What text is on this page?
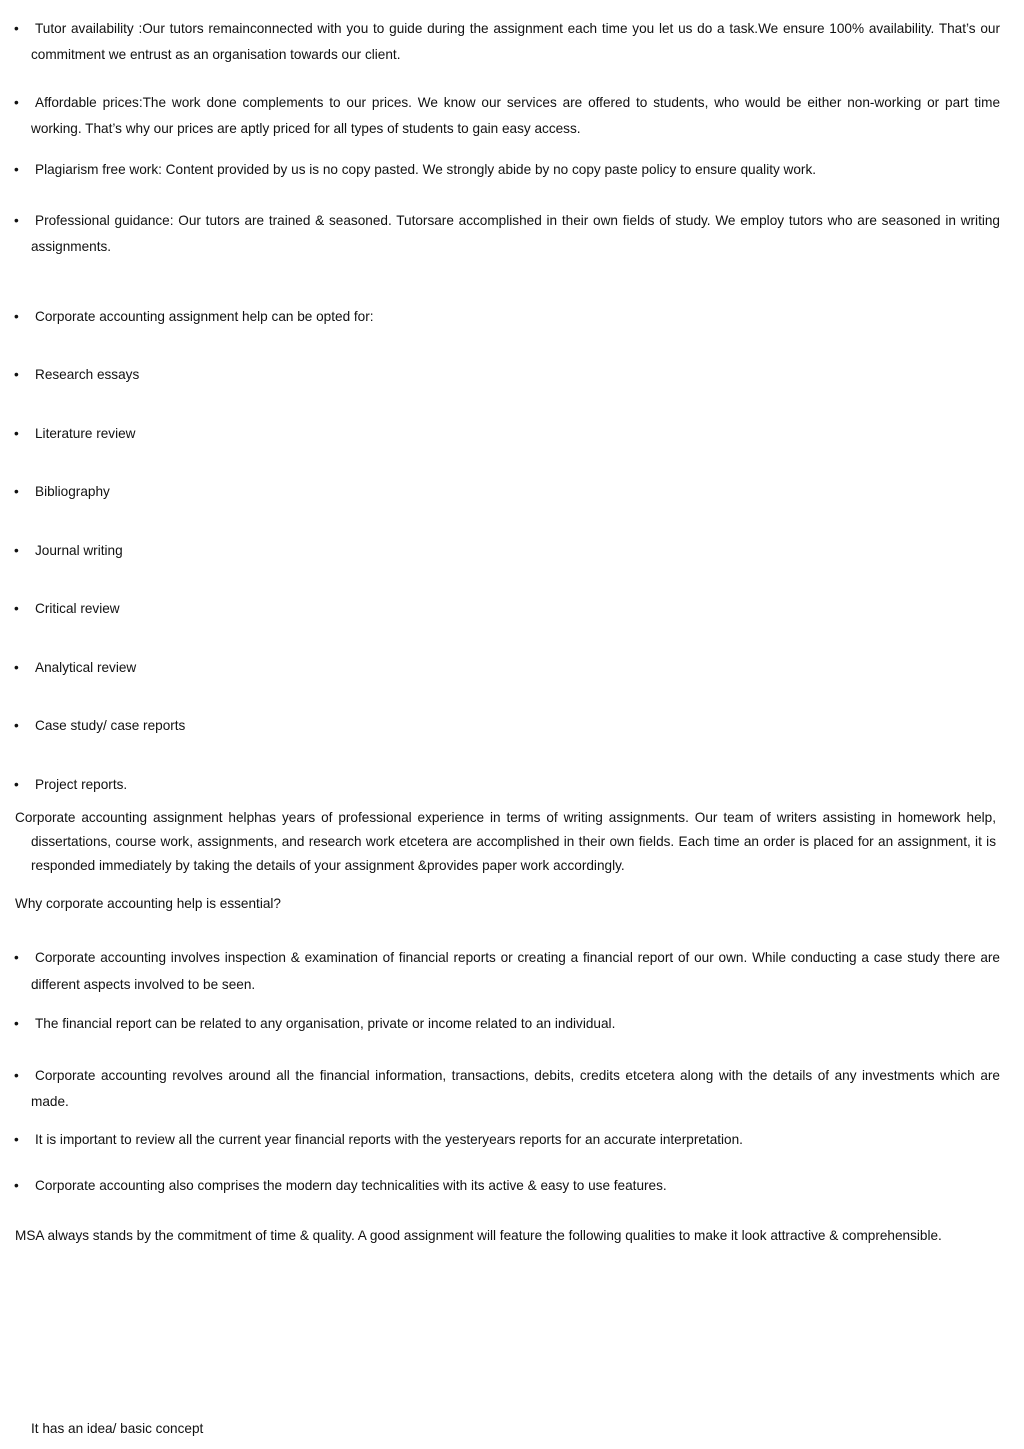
• Tutor availability :Our tutors remainconnected with you to guide during the assignment each time you let us do a task.We ensure 100% availability. That’s our commitment we entrust as an organisation towards our client.
• Affordable prices:The work done complements to our prices. We know our services are offered to students, who would be either non-working or part time working. That’s why our prices are aptly priced for all types of students to gain easy access.
• Plagiarism free work: Content provided by us is no copy pasted. We strongly abide by no copy paste policy to ensure quality work.
• Professional guidance: Our tutors are trained & seasoned. Tutorsare accomplished in their own fields of study. We employ tutors who are seasoned in writing assignments.
• Corporate accounting assignment help can be opted for:
• Research essays
• Literature review
• Bibliography
• Journal writing
• Critical review
• Analytical review
• Case study/ case reports
• Project reports.
Corporate accounting assignment helphas years of professional experience in terms of writing assignments. Our team of writers assisting in homework help, dissertations, course work, assignments, and research work etcetera are accomplished in their own fields. Each time an order is placed for an assignment, it is responded immediately by taking the details of your assignment &provides paper work accordingly.
Why corporate accounting help is essential?
• Corporate accounting involves inspection & examination of financial reports or creating a financial report of our own. While conducting a case study there are different aspects involved to be seen.
• The financial report can be related to any organisation, private or income related to an individual.
• Corporate accounting revolves around all the financial information, transactions, debits, credits etcetera along with the details of any investments which are made.
• It is important to review all the current year financial reports with the yesteryears reports for an accurate interpretation.
• Corporate accounting also comprises the modern day technicalities with its active & easy to use features.
MSA always stands by the commitment of time & quality. A good assignment will feature the following qualities to make it look attractive & comprehensible.
It has an idea/ basic concept
